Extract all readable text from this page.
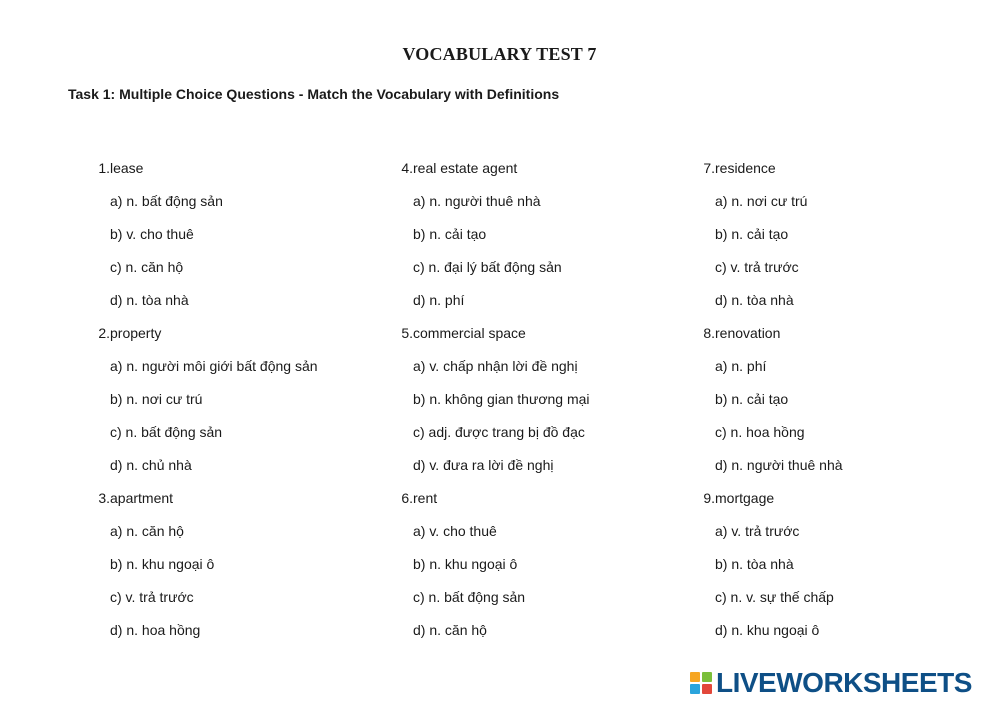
VOCABULARY TEST 7
Task 1: Multiple Choice Questions - Match the Vocabulary with Definitions
1. lease
a) n. bất động sản
b) v. cho thuê
c) n. căn hộ
d) n. tòa nhà
2. property
a) n. người môi giới bất động sản
b) n. nơi cư trú
c) n. bất động sản
d) n. chủ nhà
3. apartment
a) n. căn hộ
b) n. khu ngoại ô
c) v. trả trước
d) n. hoa hồng
4. real estate agent
a) n. người thuê nhà
b) n. cải tạo
c) n. đại lý bất động sản
d) n. phí
5. commercial space
a) v. chấp nhận lời đề nghị
b) n. không gian thương mại
c) adj. được trang bị đồ đạc
d) v. đưa ra lời đề nghị
6. rent
a) v. cho thuê
b) n. khu ngoại ô
c) n. bất động sản
d) n. căn hộ
7. residence
a) n. nơi cư trú
b) n. cải tạo
c) v. trả trước
d) n. tòa nhà
8. renovation
a) n. phí
b) n. cải tạo
c) n. hoa hồng
d) n. người thuê nhà
9. mortgage
a) v. trả trước
b) n. tòa nhà
c) n. v. sự thế chấp
d) n. khu ngoại ô
LIVEWORKSHEETS
